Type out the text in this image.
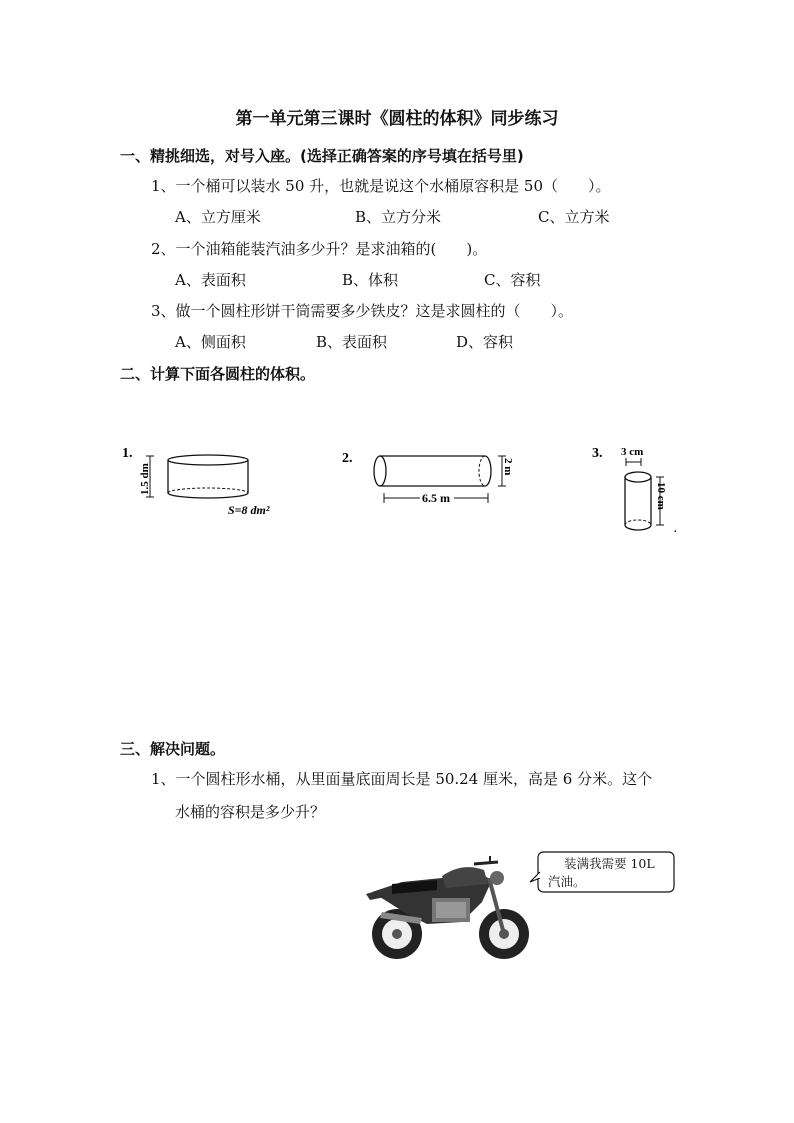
第一单元第三课时《圆柱的体积》同步练习
一、精挑细选，对号入座。(选择正确答案的序号填在括号里)
1、一个桶可以装水 50 升，也就是说这个水桶原容积是 50（　　）。
A、立方厘米	B、立方分米	C、立方米
2、一个油箱能装汽油多少升？是求油箱的(　　)。
A、表面积	B、体积	C、容积
3、做一个圆柱形饼干筒需要多少铁皮？这是求圆柱的（　　）。
A、侧面积	B、表面积	D、容积
二、计算下面各圆柱的体积。
1.
1.5 dm
S=8 dm²
2.
6.5 m
2 m
3. 3 cm
10 cm
.
三、解决问题。
1、一个圆柱形水桶，从里面量底面周长是 50.24 厘米，高是 6 分米。这个
水桶的容积是多少升？
装满我需要 10L
汽油。
